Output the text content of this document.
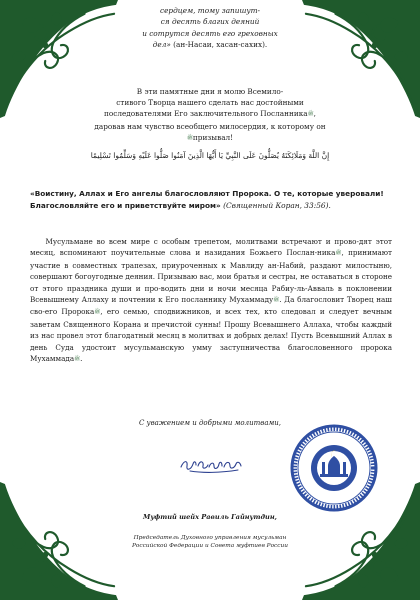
сердцем, тому запишут-
ся десять благих деяний
и сотрутся десять его греховных
дел» (ан-Насаи, хасан-сахих).
В эти памятные дни я молю Всемило-
стивого Творца нашего сделать нас достойными
последователями Его заключительного Посланникаﷺ,
даровав нам чувство всеобщего милосердия, к которому он
ﷺпризывал!
إِنَّ اللَّهَ وَمَلَائِكَتَهُ يُصَلُّونَ عَلَى النَّبِيِّ يَا أَيُّهَا الَّذِينَ آمَنُوا صَلُّوا عَلَيْهِ وَسَلِّمُوا تَسْلِيمًا
«Воистину, Аллах и Его ангелы благословляют Пророка. О те, которые уверовали! Благословляйте его и приветствуйте миром» (Священный Коран, 33:56).
Мусульмане во всем мире с особым трепетом, молитвами встречают и прово-дят этот месяц, вспоминают поучительные слова и назидания Божьего Послан-никаﷺ, принимают участие в совместных трапезах, приуроченных к Мавлиду ан-Набий, раздают милостыню, совершают богоугодные деяния. Призываю вас, мои братья и сестры, не оставаться в стороне от этого праздника души и про-водить дни и ночи месяца Рабиу-ль-Авваль в поклонении Всевышнему Аллаху и почтении к Его посланнику Мухаммадуﷺ. Да благословит Творец наш сво-его Пророкаﷺ, его семью, сподвижников, и всех тех, кто следовал и следует вечным заветам Священного Корана и пречистой сунны! Прошу Всевышнего Аллаха, чтобы каждый из нас провел этот благодатный месяц в молитвах и добрых делах! Пусть Всевышний Аллах в день Суда удостоит мусульманскую умму заступничества благословенного пророка Мухаммадаﷺ.
С уважением и добрыми молитвами,
Муфтий шейх Равиль Гайнутдин,
Председатель Духовного управления мусульман
Российской Федерации и Совета муфтиев России
